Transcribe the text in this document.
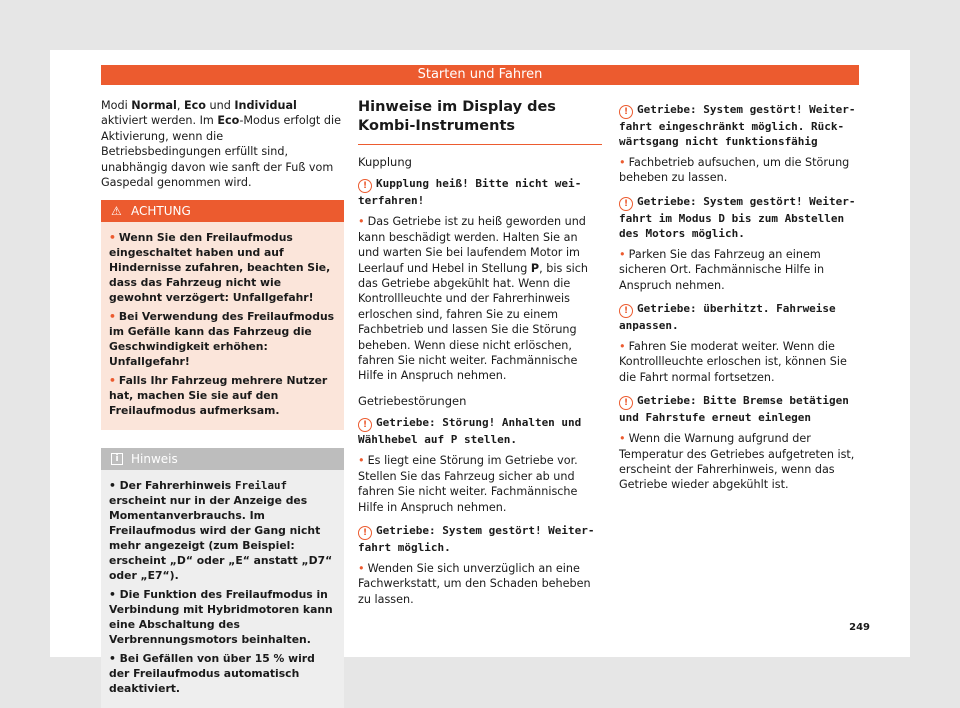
Starten und Fahren

Modi Normal, Eco und Individual aktiviert werden. Im Eco-Modus erfolgt die Aktivierung, wenn die Betriebsbedingungen erfüllt sind, unabhängig davon wie sanft der Fuß vom Gaspedal genommen wird.

⚠ ACHTUNG

• Wenn Sie den Freilaufmodus eingeschaltet haben und auf Hindernisse zufahren, beachten Sie, dass das Fahrzeug nicht wie gewohnt verzögert: Unfallgefahr!

• Bei Verwendung des Freilaufmodus im Gefälle kann das Fahrzeug die Geschwindigkeit erhöhen: Unfallgefahr!

• Falls Ihr Fahrzeug mehrere Nutzer hat, machen Sie sie auf den Freilaufmodus aufmerksam.

i	Hinweis

• Der Fahrerhinweis Freilauf erscheint nur in der Anzeige des Momentanverbrauchs. Im Freilaufmodus wird der Gang nicht mehr angezeigt (zum Beispiel: erscheint „D“ oder „E“ anstatt „D7“ oder „E7“).

• Die Funktion des Freilaufmodus in Verbindung mit Hybridmotoren kann eine Abschaltung des Verbrennungsmotors beinhalten.

• Bei Gefällen von über 15 % wird der Freilaufmodus automatisch deaktiviert.

Hinweise im Display des Kombi-Instruments
Kupplung
! Kupplung heiß! Bitte nicht weiterfahren!

• Das Getriebe ist zu heiß geworden und kann beschädigt werden. Halten Sie an und warten Sie bei laufendem Motor im Leerlauf und Hebel in Stellung P, bis sich das Getriebe abgekühlt hat. Wenn die Kontrollleuchte und der Fahrerhinweis erloschen sind, fahren Sie zu einem Fachbetrieb und lassen Sie die Störung beheben. Wenn diese nicht erlöschen, fahren Sie nicht weiter. Fachmännische Hilfe in Anspruch nehmen.

Getriebestörungen
! Getriebe: Störung! Anhalten und Wählhebel auf P stellen.

• Es liegt eine Störung im Getriebe vor. Stellen Sie das Fahrzeug sicher ab und fahren Sie nicht weiter. Fachmännische Hilfe in Anspruch nehmen.

! Getriebe: System gestört! Weiterfahrt möglich.

• Wenden Sie sich unverzüglich an eine Fachwerkstatt, um den Schaden beheben zu lassen.

! Getriebe: System gestört! Weiterfahrt eingeschränkt möglich. Rückwärtsgang nicht funktionsfähig

• Fachbetrieb aufsuchen, um die Störung beheben zu lassen.

! Getriebe: System gestört! Weiterfahrt im Modus D bis zum Abstellen des Motors möglich.

• Parken Sie das Fahrzeug an einem sicheren Ort. Fachmännische Hilfe in Anspruch nehmen.

! Getriebe: überhitzt. Fahrweise anpassen.

• Fahren Sie moderat weiter. Wenn die Kontrollleuchte erloschen ist, können Sie die Fahrt normal fortsetzen.

! Getriebe: Bitte Bremse betätigen und Fahrstufe erneut einlegen

• Wenn die Warnung aufgrund der Temperatur des Getriebes aufgetreten ist, erscheint der Fahrerhinweis, wenn das Getriebe wieder abgekühlt ist.

249
